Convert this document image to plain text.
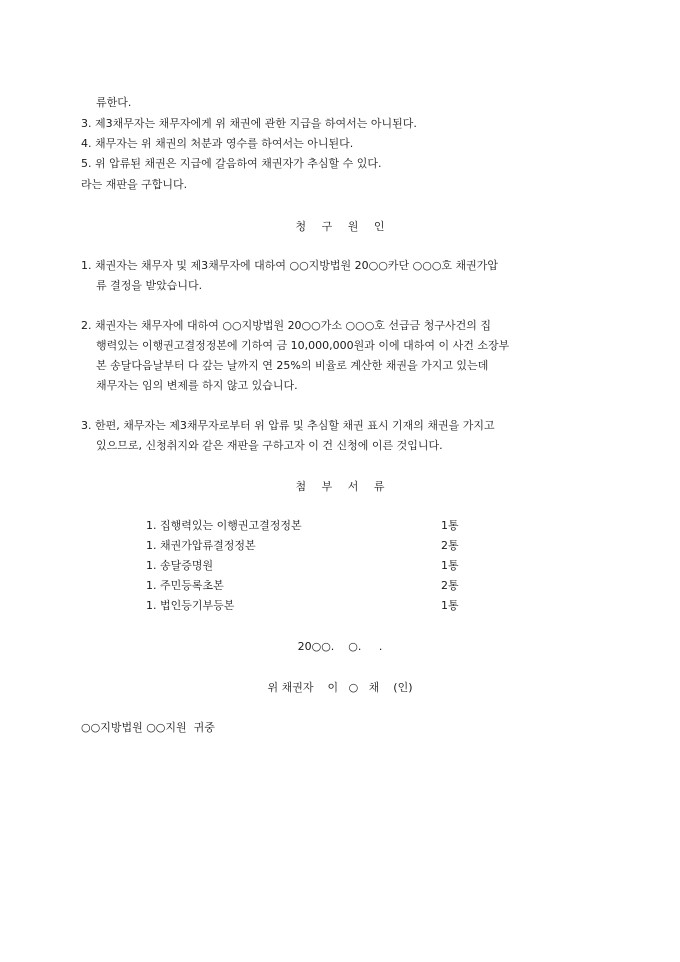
류한다.
3. 제3채무자는 채무자에게 위 채권에 관한 지급을 하여서는 아니된다.
4. 채무자는 위 채권의 처분과 영수를 하여서는 아니된다.
5. 위 압류된 채권은 지급에 갈음하여 채권자가 추심할 수 있다.
라는 재판을 구합니다.
청 구 원 인
1. 채권자는 채무자 및 제3채무자에 대하여 ○○지방법원 20○○카단 ○○○호 채권가압
류 결정을 받았습니다.
2. 채권자는 채무자에 대하여 ○○지방법원 20○○가소 ○○○호 선급금 청구사건의 집
행력있는 이행권고결정정본에 기하여 금 10,000,000원과 이에 대하여 이 사건 소장부
본 송달다음날부터 다 갚는 날까지 연 25%의 비율로 계산한 채권을 가지고 있는데
채무자는 임의 변제를 하지 않고 있습니다.
3. 한편, 채무자는 제3채무자로부터 위 압류 및 추심할 채권 표시 기재의 채권을 가지고
있으므로, 신청취지와 같은 재판을 구하고자 이 건 신청에 이른 것입니다.
첨 부 서 류
1. 집행력있는 이행권고결정정본	1통
1. 채권가압류결정정본	2통
1. 송달증명원	1통
1. 주민등록초본	2통
1. 법인등기부등본	1통
20○○.    ○.     .
위 채권자    이   ○   채    (인)
○○지방법원 ○○지원  귀중
